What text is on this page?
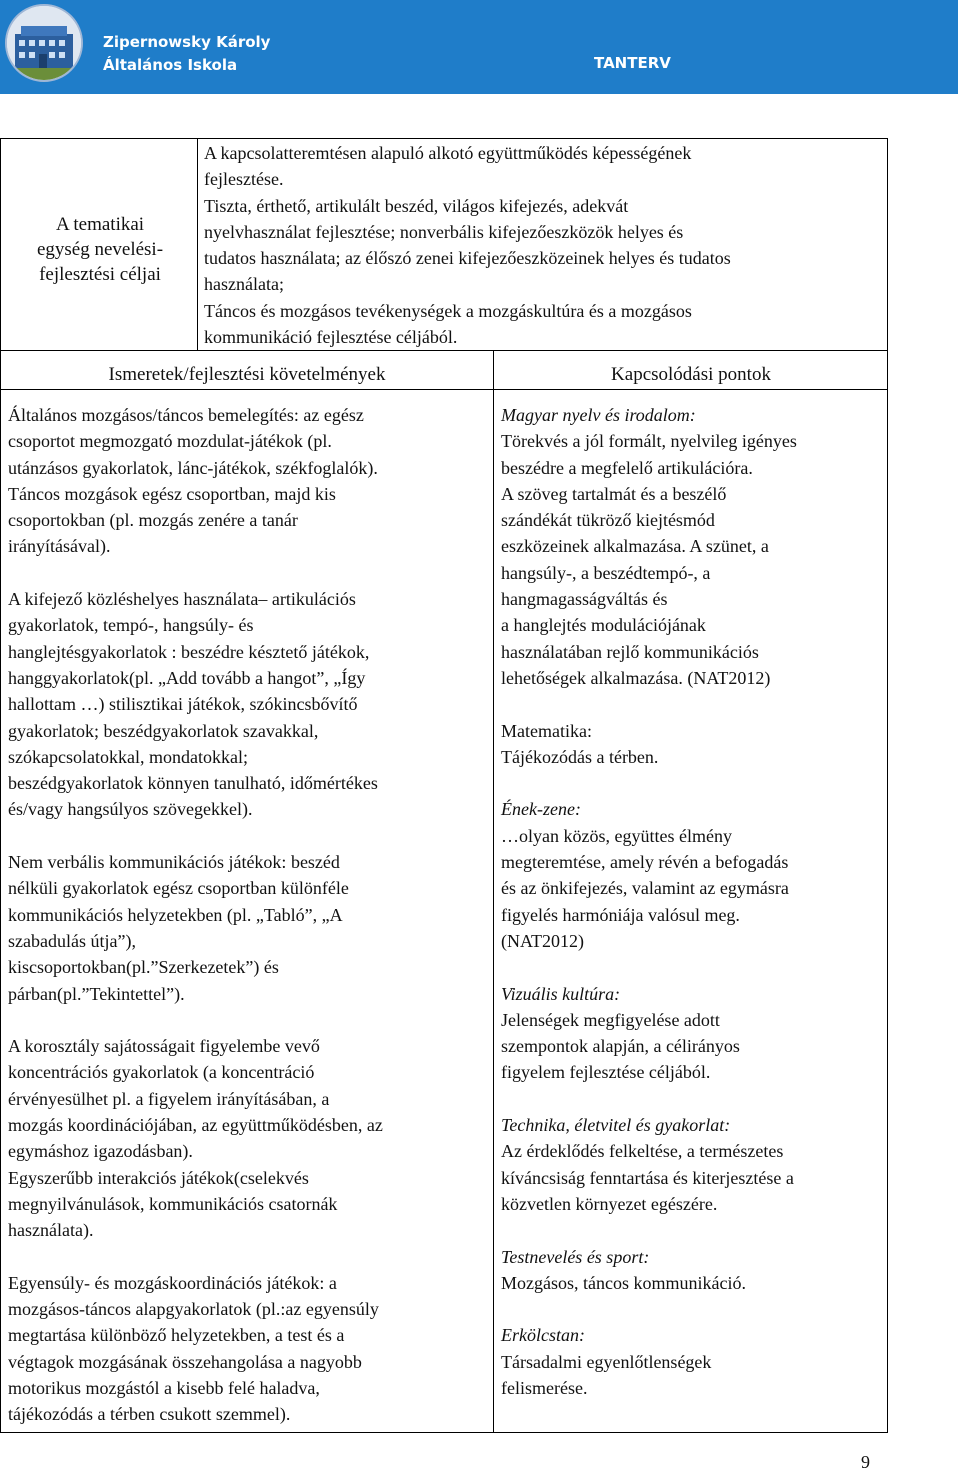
Zipernowsky Károly
Általános Iskola	TANTERV
A tematikai
egység nevelési-
fejlesztési céljai
A kapcsolatteremtésen alapuló alkotó együttműködés képességének
fejlesztése.
Tiszta, érthető, artikulált beszéd, világos kifejezés, adekvát
nyelvhasználat fejlesztése; nonverbális kifejezőeszközök helyes és
tudatos használata; az élőszó zenei kifejezőeszközeinek helyes és tudatos
használata;
Táncos és mozgásos tevékenységek a mozgáskultúra és a mozgásos
kommunikáció fejlesztése céljából.
Ismeretek/fejlesztési követelmények	Kapcsolódási pontok
Általános mozgásos/táncos bemelegítés: az egész
csoportot megmozgató mozdulat-játékok (pl.
utánzásos gyakorlatok, lánc-játékok, székfoglalók).
Táncos mozgások egész csoportban, majd kis
csoportokban (pl. mozgás zenére a tanár
irányításával).
A kifejező közléshelyes használata– artikulációs
gyakorlatok, tempó-, hangsúly- és
hanglejtésgyakorlatok : beszédre késztető játékok,
hanggyakorlatok(pl. „Add tovább a hangot”, „Így
hallottam …) stilisztikai játékok, szókincsbővítő
gyakorlatok; beszédgyakorlatok szavakkal,
szókapcsolatokkal, mondatokkal;
beszédgyakorlatok könnyen tanulható, időmértékes
és/vagy hangsúlyos szövegekkel).
Nem verbális kommunikációs játékok: beszéd
nélküli gyakorlatok egész csoportban különféle
kommunikációs helyzetekben (pl. „Tabló”, „A
szabadulás útja”),
kiscsoportokban(pl.”Szerkezetek”) és
párban(pl.”Tekintettel”).
A korosztály sajátosságait figyelembe vevő
koncentrációs gyakorlatok (a koncentráció
érvényesülhet pl. a figyelem irányításában, a
mozgás koordinációjában, az együttműködésben, az
egymáshoz igazodásban).
Egyszerűbb interakciós játékok(cselekvés
megnyilvánulások, kommunikációs csatornák
használata).
Egyensúly- és mozgáskoordinációs játékok: a
mozgásos-táncos alapgyakorlatok (pl.:az egyensúly
megtartása különböző helyzetekben, a test és a
végtagok mozgásának összehangolása a nagyobb
motorikus mozgástól a kisebb felé haladva,
tájékozódás a térben csukott szemmel).
Magyar nyelv és irodalom:
Törekvés a jól formált, nyelvileg igényes
beszédre a megfelelő artikulációra.
A szöveg tartalmát és a beszélő
szándékát tükröző kiejtésmód
eszközeinek alkalmazása. A szünet, a
hangsúly-, a beszédtempó-, a
hangmagasságváltás és
a hanglejtés modulációjának
használatában rejlő kommunikációs
lehetőségek alkalmazása. (NAT2012)
Matematika:
Tájékozódás a térben.
Ének-zene:
…olyan közös, együttes élmény
megteremtése, amely révén a befogadás
és az önkifejezés, valamint az egymásra
figyelés harmóniája valósul meg.
(NAT2012)
Vizuális kultúra:
Jelenségek megfigyelése adott
szempontok alapján, a célirányos
figyelem fejlesztése céljából.
Technika, életvitel és gyakorlat:
Az érdeklődés felkeltése, a természetes
kíváncsiság fenntartása és kiterjesztése a
közvetlen környezet egészére.
Testnevelés és sport:
Mozgásos, táncos kommunikáció.
Erkölcstan:
Társadalmi egyenlőtlenségek
felismerése.
9
